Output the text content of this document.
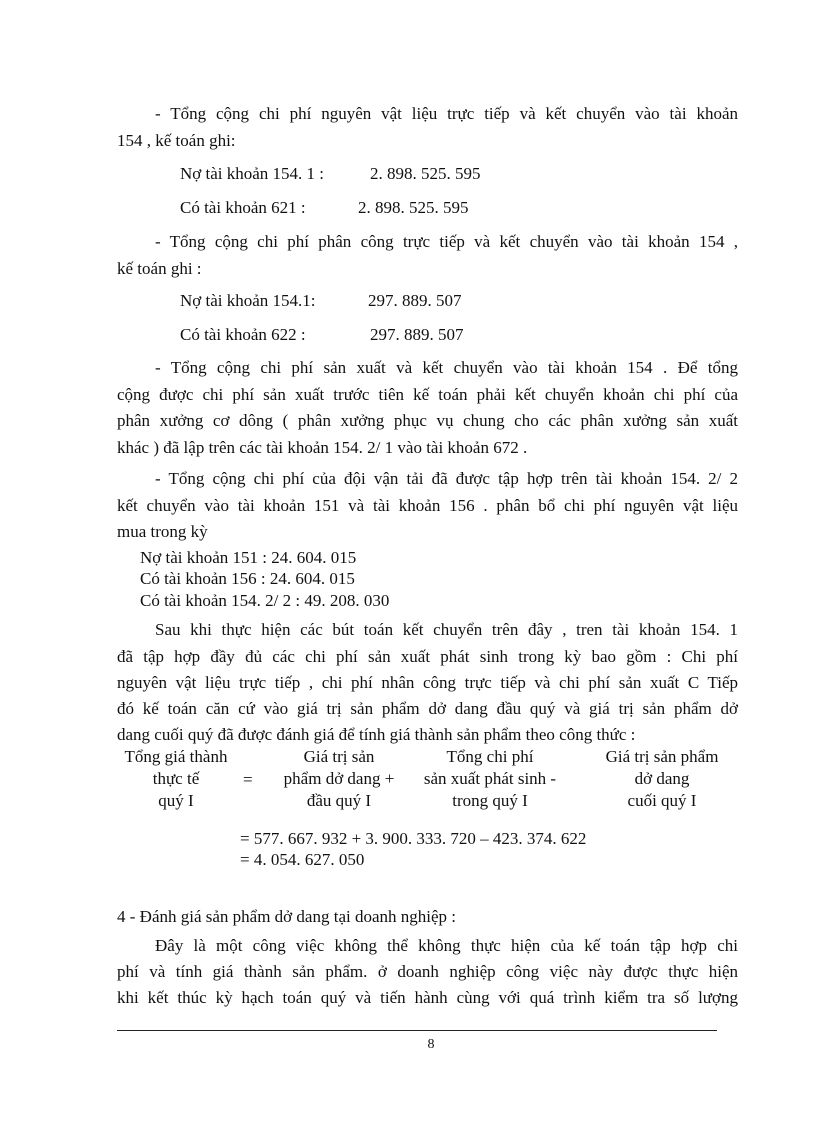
- Tổng cộng chi phí nguyên vật liệu trực tiếp và kết chuyển vào tài khoản
154 , kế toán ghi:
Nợ tài khoản 154. 1 :	2. 898. 525. 595
Có tài khoản 621 :	2. 898. 525. 595
- Tổng cộng chi phí phân công trực tiếp và kết chuyển vào tài khoản 154 ,
kế toán ghi :
Nợ tài khoản 154.1:	297. 889. 507
Có tài khoản 622 :	297. 889. 507
- Tổng cộng chi phí sản xuất và kết chuyển vào tài khoản 154 . Để tổng
cộng được chi phí sản xuất trước tiên kế toán phải kết chuyển khoản chi phí của
phân xưởng cơ dông ( phân xưởng phục vụ chung cho các phân xưởng sản xuất
khác ) đã lập trên các tài khoản 154. 2/ 1 vào tài khoản 672 .
- Tổng cộng chi phí của đội vận tải đã được tập hợp trên tài khoản 154. 2/ 2
kết chuyển vào tài khoản 151 và tài khoản 156 . phân bổ chi phí nguyên vật liệu
mua trong kỳ
Nợ tài khoản 151 : 24. 604. 015
Có tài khoản 156 : 24. 604. 015
Có tài khoản 154. 2/ 2 : 49. 208. 030
Sau khi thực hiện các bút toán kết chuyển trên đây , tren tài khoản 154. 1
đã tập hợp đầy đủ các chi phí sản xuất phát sinh trong kỳ bao gồm : Chi phí
nguyên vật liệu trực tiếp , chi phí nhân công trực tiếp và chi phí sản xuất C Tiếp
đó kế toán căn cứ vào giá trị sản phẩm dở dang đầu quý và giá trị sản phẩm dở
dang cuối quý đã được đánh giá để tính giá thành sản phẩm theo công thức :
Tổng giá thành
thực tế
quý I
=
Giá trị sản
phẩm dở dang +
đầu quý I
Tổng chi phí
sản xuất phát sinh -
trong quý I
Giá trị sản phẩm
dở dang
cuối quý I
= 577. 667. 932 + 3. 900. 333. 720 – 423. 374. 622
= 4. 054. 627. 050
4 - Đánh giá sản phẩm dở dang tại doanh nghiệp :
Đây là một công việc không thể không thực hiện của kế toán tập hợp chi
phí và tính giá thành sản phẩm. ở doanh nghiệp công việc này được thực hiện
khi kết thúc kỳ hạch toán quý và tiến hành cùng với quá trình kiểm tra số lượng
8
